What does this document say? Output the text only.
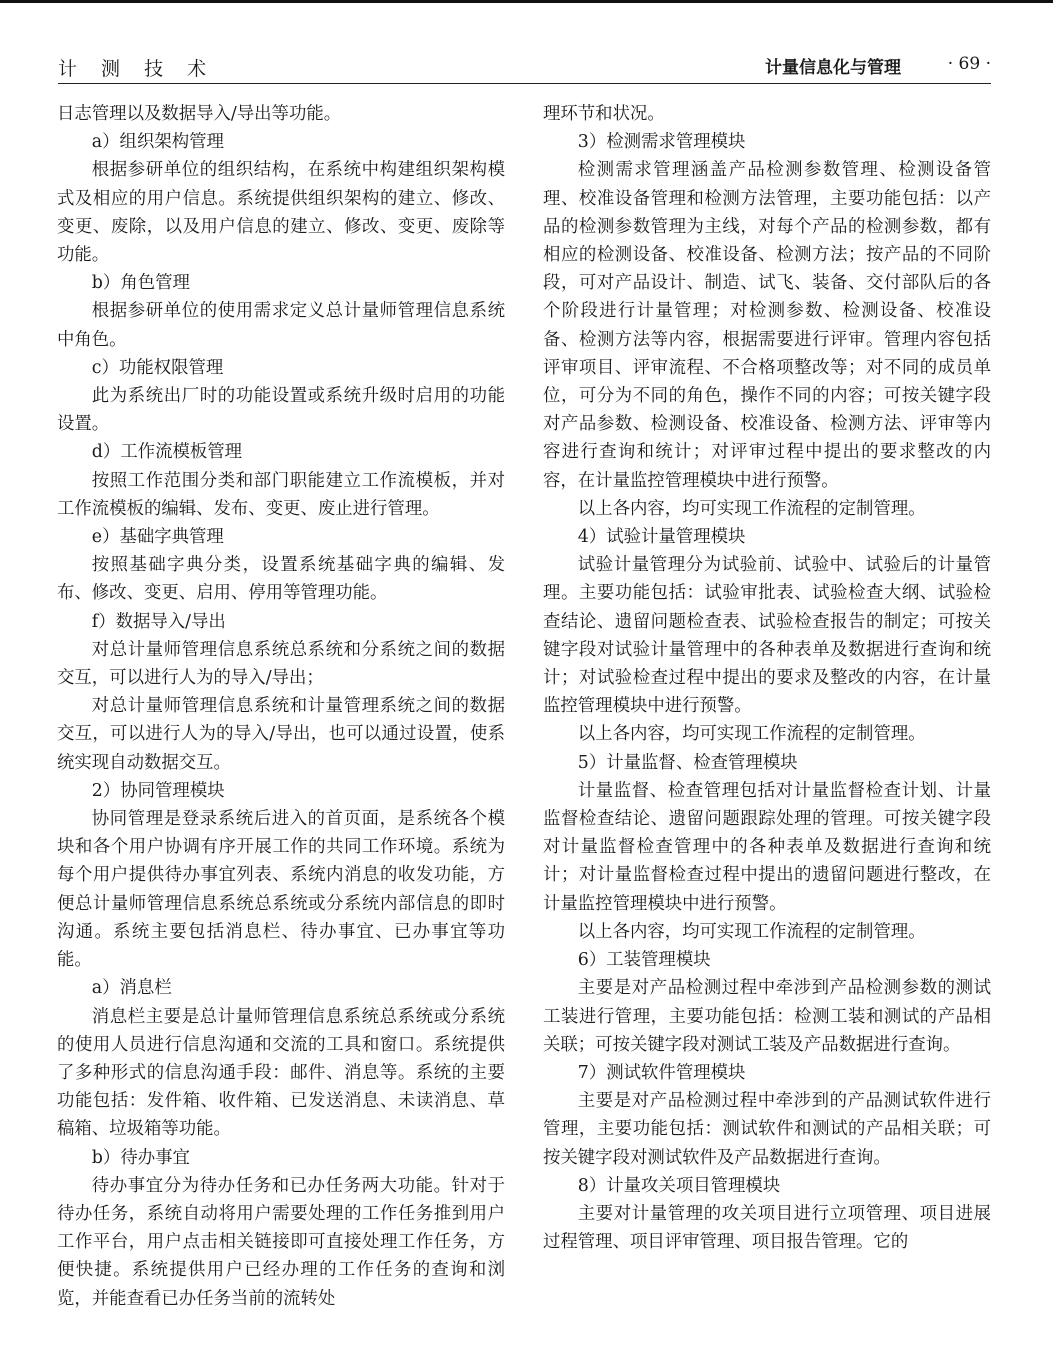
计 测 技 术	计量信息化与管理	· 69 ·

日志管理以及数据导入/导出等功能。

a）组织架构管理

根据参研单位的组织结构，在系统中构建组织架构模式及相应的用户信息。系统提供组织架构的建立、修改、变更、废除，以及用户信息的建立、修改、变更、废除等功能。

b）角色管理

根据参研单位的使用需求定义总计量师管理信息系统中角色。

c）功能权限管理

此为系统出厂时的功能设置或系统升级时启用的功能设置。

d）工作流模板管理

按照工作范围分类和部门职能建立工作流模板，并对工作流模板的编辑、发布、变更、废止进行管理。

e）基础字典管理

按照基础字典分类，设置系统基础字典的编辑、发布、修改、变更、启用、停用等管理功能。

f）数据导入/导出

对总计量师管理信息系统总系统和分系统之间的数据交互，可以进行人为的导入/导出；

对总计量师管理信息系统和计量管理系统之间的数据交互，可以进行人为的导入/导出，也可以通过设置，使系统实现自动数据交互。

2）协同管理模块

协同管理是登录系统后进入的首页面，是系统各个模块和各个用户协调有序开展工作的共同工作环境。系统为每个用户提供待办事宜列表、系统内消息的收发功能，方便总计量师管理信息系统总系统或分系统内部信息的即时沟通。系统主要包括消息栏、待办事宜、已办事宜等功能。

a）消息栏

消息栏主要是总计量师管理信息系统总系统或分系统的使用人员进行信息沟通和交流的工具和窗口。系统提供了多种形式的信息沟通手段：邮件、消息等。系统的主要功能包括：发件箱、收件箱、已发送消息、未读消息、草稿箱、垃圾箱等功能。

b）待办事宜

待办事宜分为待办任务和已办任务两大功能。针对于待办任务，系统自动将用户需要处理的工作任务推到用户工作平台，用户点击相关链接即可直接处理工作任务，方便快捷。系统提供用户已经办理的工作任务的查询和浏览，并能查看已办任务当前的流转处

理环节和状况。

3）检测需求管理模块

检测需求管理涵盖产品检测参数管理、检测设备管理、校准设备管理和检测方法管理，主要功能包括：以产品的检测参数管理为主线，对每个产品的检测参数，都有相应的检测设备、校准设备、检测方法；按产品的不同阶段，可对产品设计、制造、试飞、装备、交付部队后的各个阶段进行计量管理；对检测参数、检测设备、校准设备、检测方法等内容，根据需要进行评审。管理内容包括评审项目、评审流程、不合格项整改等；对不同的成员单位，可分为不同的角色，操作不同的内容；可按关键字段对产品参数、检测设备、校准设备、检测方法、评审等内容进行查询和统计；对评审过程中提出的要求整改的内容，在计量监控管理模块中进行预警。

以上各内容，均可实现工作流程的定制管理。

4）试验计量管理模块

试验计量管理分为试验前、试验中、试验后的计量管理。主要功能包括：试验审批表、试验检查大纲、试验检查结论、遗留问题检查表、试验检查报告的制定；可按关键字段对试验计量管理中的各种表单及数据进行查询和统计；对试验检查过程中提出的要求及整改的内容，在计量监控管理模块中进行预警。

以上各内容，均可实现工作流程的定制管理。

5）计量监督、检查管理模块

计量监督、检查管理包括对计量监督检查计划、计量监督检查结论、遗留问题跟踪处理的管理。可按关键字段对计量监督检查管理中的各种表单及数据进行查询和统计；对计量监督检查过程中提出的遗留问题进行整改，在计量监控管理模块中进行预警。

以上各内容，均可实现工作流程的定制管理。

6）工装管理模块

主要是对产品检测过程中牵涉到产品检测参数的测试工装进行管理，主要功能包括：检测工装和测试的产品相关联；可按关键字段对测试工装及产品数据进行查询。

7）测试软件管理模块

主要是对产品检测过程中牵涉到的产品测试软件进行管理，主要功能包括：测试软件和测试的产品相关联；可按关键字段对测试软件及产品数据进行查询。

8）计量攻关项目管理模块

主要对计量管理的攻关项目进行立项管理、项目进展过程管理、项目评审管理、项目报告管理。它的
